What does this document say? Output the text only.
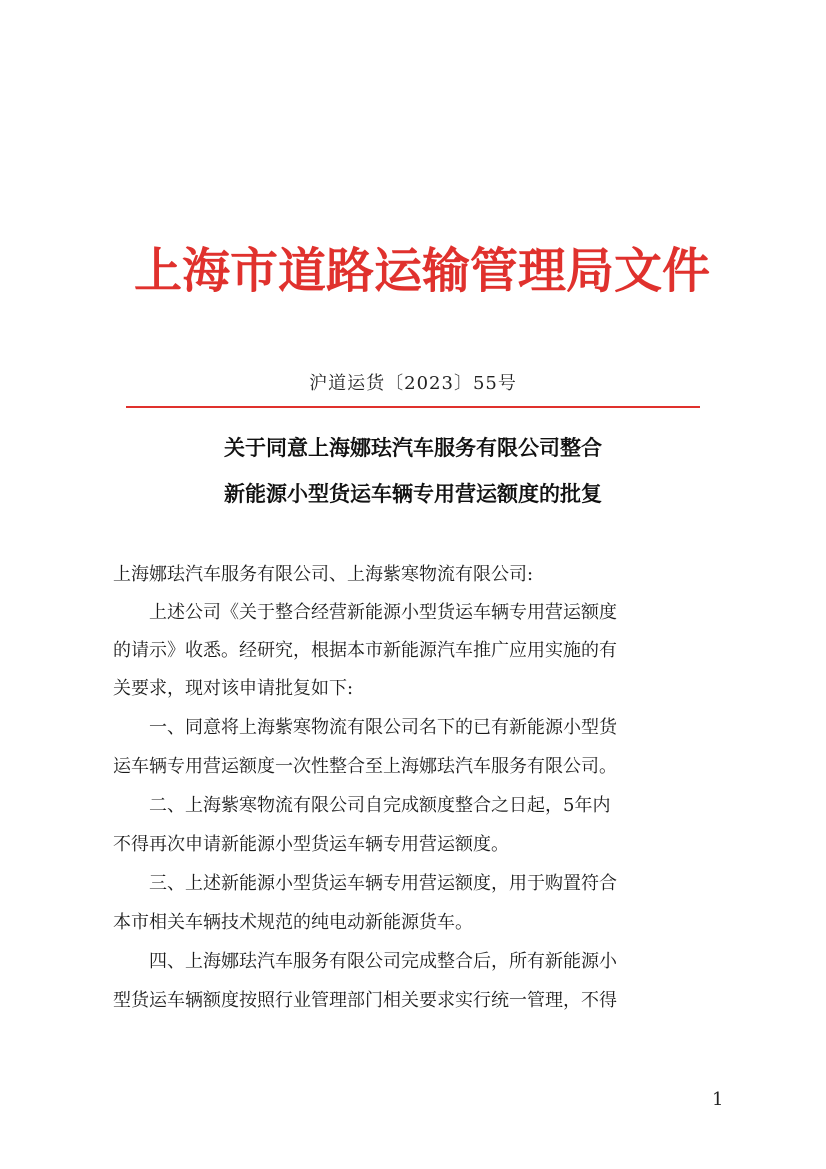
上海市道路运输管理局文件
沪道运货〔2023〕55号
关于同意上海娜珐汽车服务有限公司整合
新能源小型货运车辆专用营运额度的批复
上海娜珐汽车服务有限公司、上海紫寒物流有限公司:
　　上述公司《关于整合经营新能源小型货运车辆专用营运额度
的请示》收悉。经研究，根据本市新能源汽车推广应用实施的有
关要求，现对该申请批复如下:
　　一、同意将上海紫寒物流有限公司名下的已有新能源小型货
运车辆专用营运额度一次性整合至上海娜珐汽车服务有限公司。
　　二、上海紫寒物流有限公司自完成额度整合之日起，5年内
不得再次申请新能源小型货运车辆专用营运额度。
　　三、上述新能源小型货运车辆专用营运额度，用于购置符合
本市相关车辆技术规范的纯电动新能源货车。
　　四、上海娜珐汽车服务有限公司完成整合后，所有新能源小
型货运车辆额度按照行业管理部门相关要求实行统一管理，不得
1
